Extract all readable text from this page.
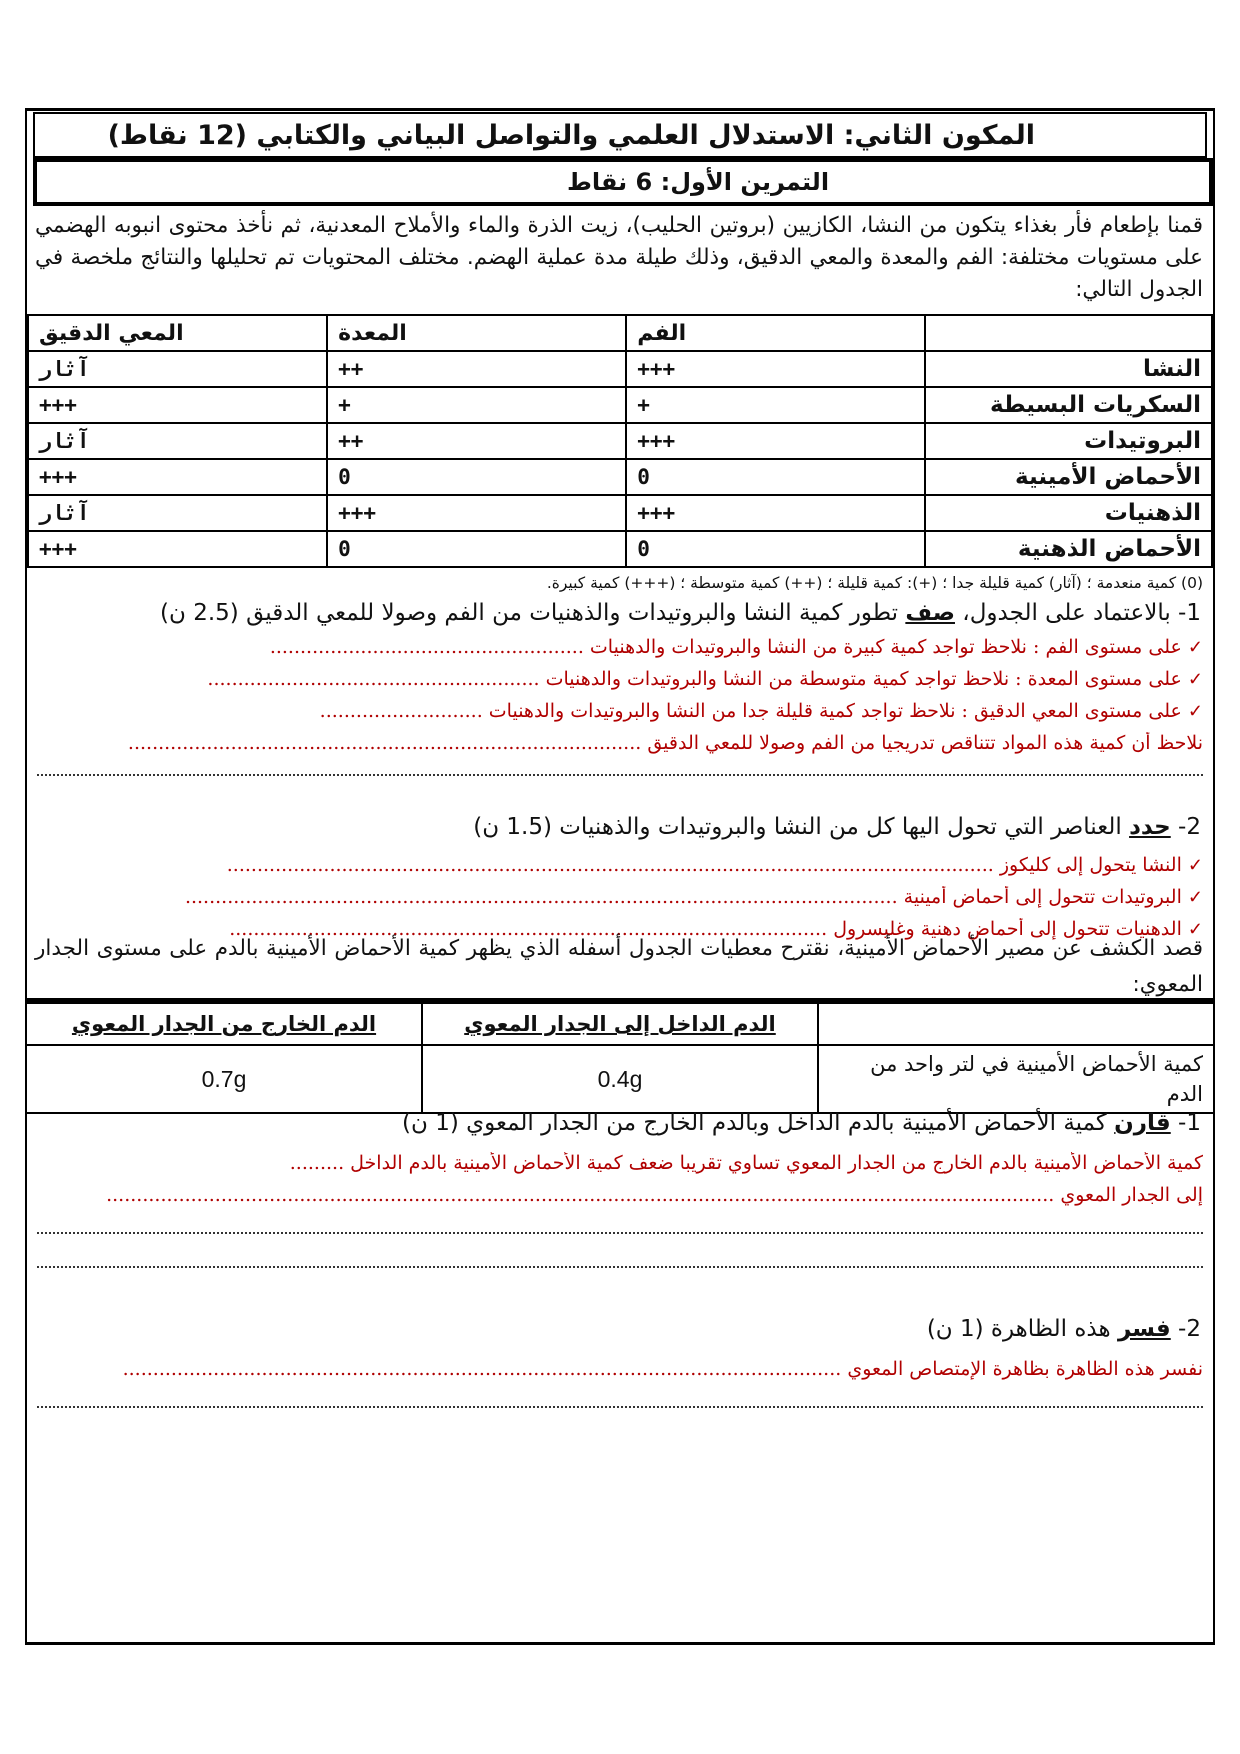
المكون الثاني: الاستدلال العلمي والتواصل البياني والكتابي (12 نقاط)
التمرين الأول: 6 نقاط
قمنا بإطعام فأر بغذاء يتكون من النشا، الكازيين (بروتين الحليب)، زيت الذرة والماء والأملاح المعدنية، ثم نأخذ محتوى انبوبه الهضمي على مستويات مختلفة: الفم والمعدة والمعي الدقيق، وذلك طيلة مدة عملية الهضم. مختلف المحتويات تم تحليلها والنتائج ملخصة في الجدول التالي:
	الفم	المعدة	المعي الدقيق
النشا	+++	++	آثار
السكريات البسيطة	+	+	+++
البروتيدات	+++	++	آثار
الأحماض الأمينية	0	0	+++
الذهنيات	+++	+++	آثار
الأحماض الذهنية	0	0	+++
(0) كمية منعدمة ؛ (آثار) كمية قليلة جدا ؛ (+): كمية قليلة ؛ (++) كمية متوسطة ؛ (+++) كمية كبيرة.
1- بالاعتماد على الجدول، صف تطور كمية النشا والبروتيدات والذهنيات من الفم وصولا للمعي الدقيق (2.5 ن)
✓ على مستوى الفم : نلاحظ تواجد كمية كبيرة من النشا والبروتيدات والدهنيات ....................................................
✓ على مستوى المعدة : نلاحظ تواجد كمية متوسطة من النشا والبروتيدات والدهنيات .......................................................
✓ على مستوى المعي الدقيق : نلاحظ تواجد كمية قليلة جدا من النشا والبروتيدات والدهنيات ...........................
نلاحظ أن كمية هذه المواد تتناقص تدريجيا من الفم وصولا للمعي الدقيق .....................................................................................
2- حدد العناصر التي تحول اليها كل من النشا والبروتيدات والذهنيات (1.5 ن)
✓ النشا يتحول إلى كليكوز ...............................................................................................................................
✓ البروتيدات تتحول إلى أحماض أمينية ......................................................................................................................
✓ الدهنيات تتحول إلى أحماض دهنية وغليسرول ...................................................................................................
قصد الكشف عن مصير الأحماض الأمينية، نقترح معطيات الجدول أسفله الذي يظهر كمية الأحماض الأمينية بالدم على مستوى الجدار المعوي:
	الدم الداخل إلى الجدار المعوي	الدم الخارج من الجدار المعوي
كمية الأحماض الأمينية في لتر واحد من الدم	0.4g	0.7g
1- قارن كمية الأحماض الأمينية بالدم الداخل وبالدم الخارج من الجدار المعوي (1 ن)
كمية الأحماض الأمينية بالدم الخارج من الجدار المعوي تساوي تقريبا ضعف كمية الأحماض الأمينية بالدم الداخل .........
إلى الجدار المعوي .............................................................................................................................................................
2- فسر هذه الظاهرة (1 ن)
نفسر هذه الظاهرة بظاهرة الإمتصاص المعوي .......................................................................................................................
